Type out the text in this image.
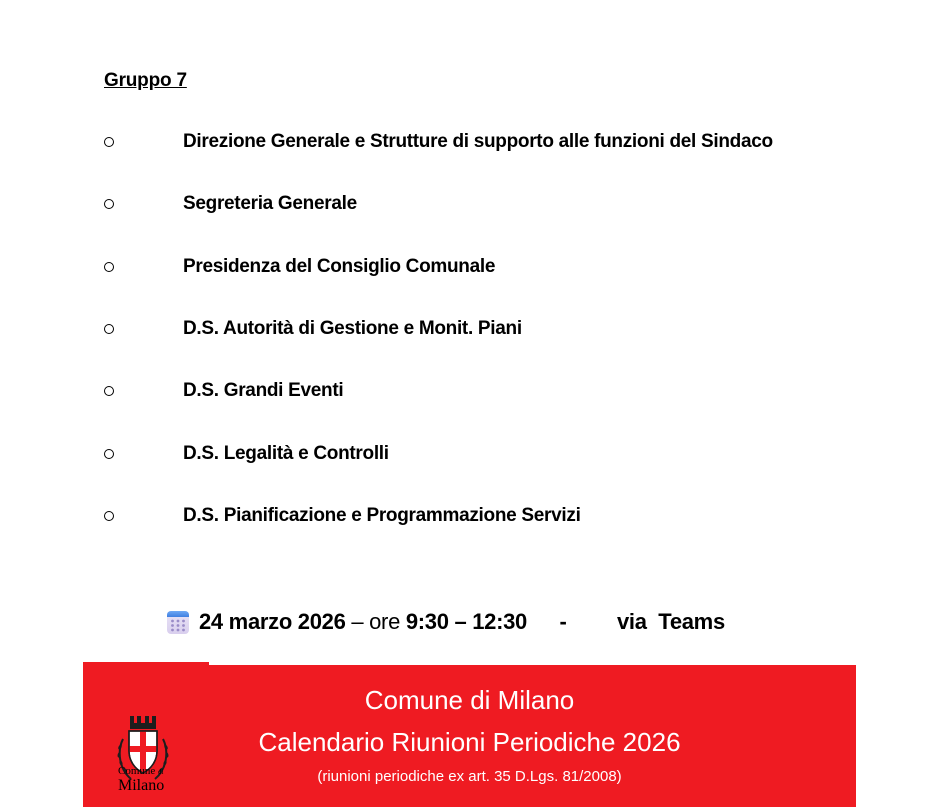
Gruppo 7
Direzione Generale e Strutture di supporto alle funzioni del Sindaco
Segreteria Generale
Presidenza del Consiglio Comunale
D.S. Autorità di Gestione e Monit. Piani
D.S. Grandi Eventi
D.S. Legalità e Controlli
D.S. Pianificazione e Programmazione Servizi
24 marzo 2026 – ore 9:30 – 12:30 - via  Teams
Comune di
Milano
Comune di Milano
Calendario Riunioni Periodiche 2026
(riunioni periodiche ex art. 35 D.Lgs. 81/2008)
